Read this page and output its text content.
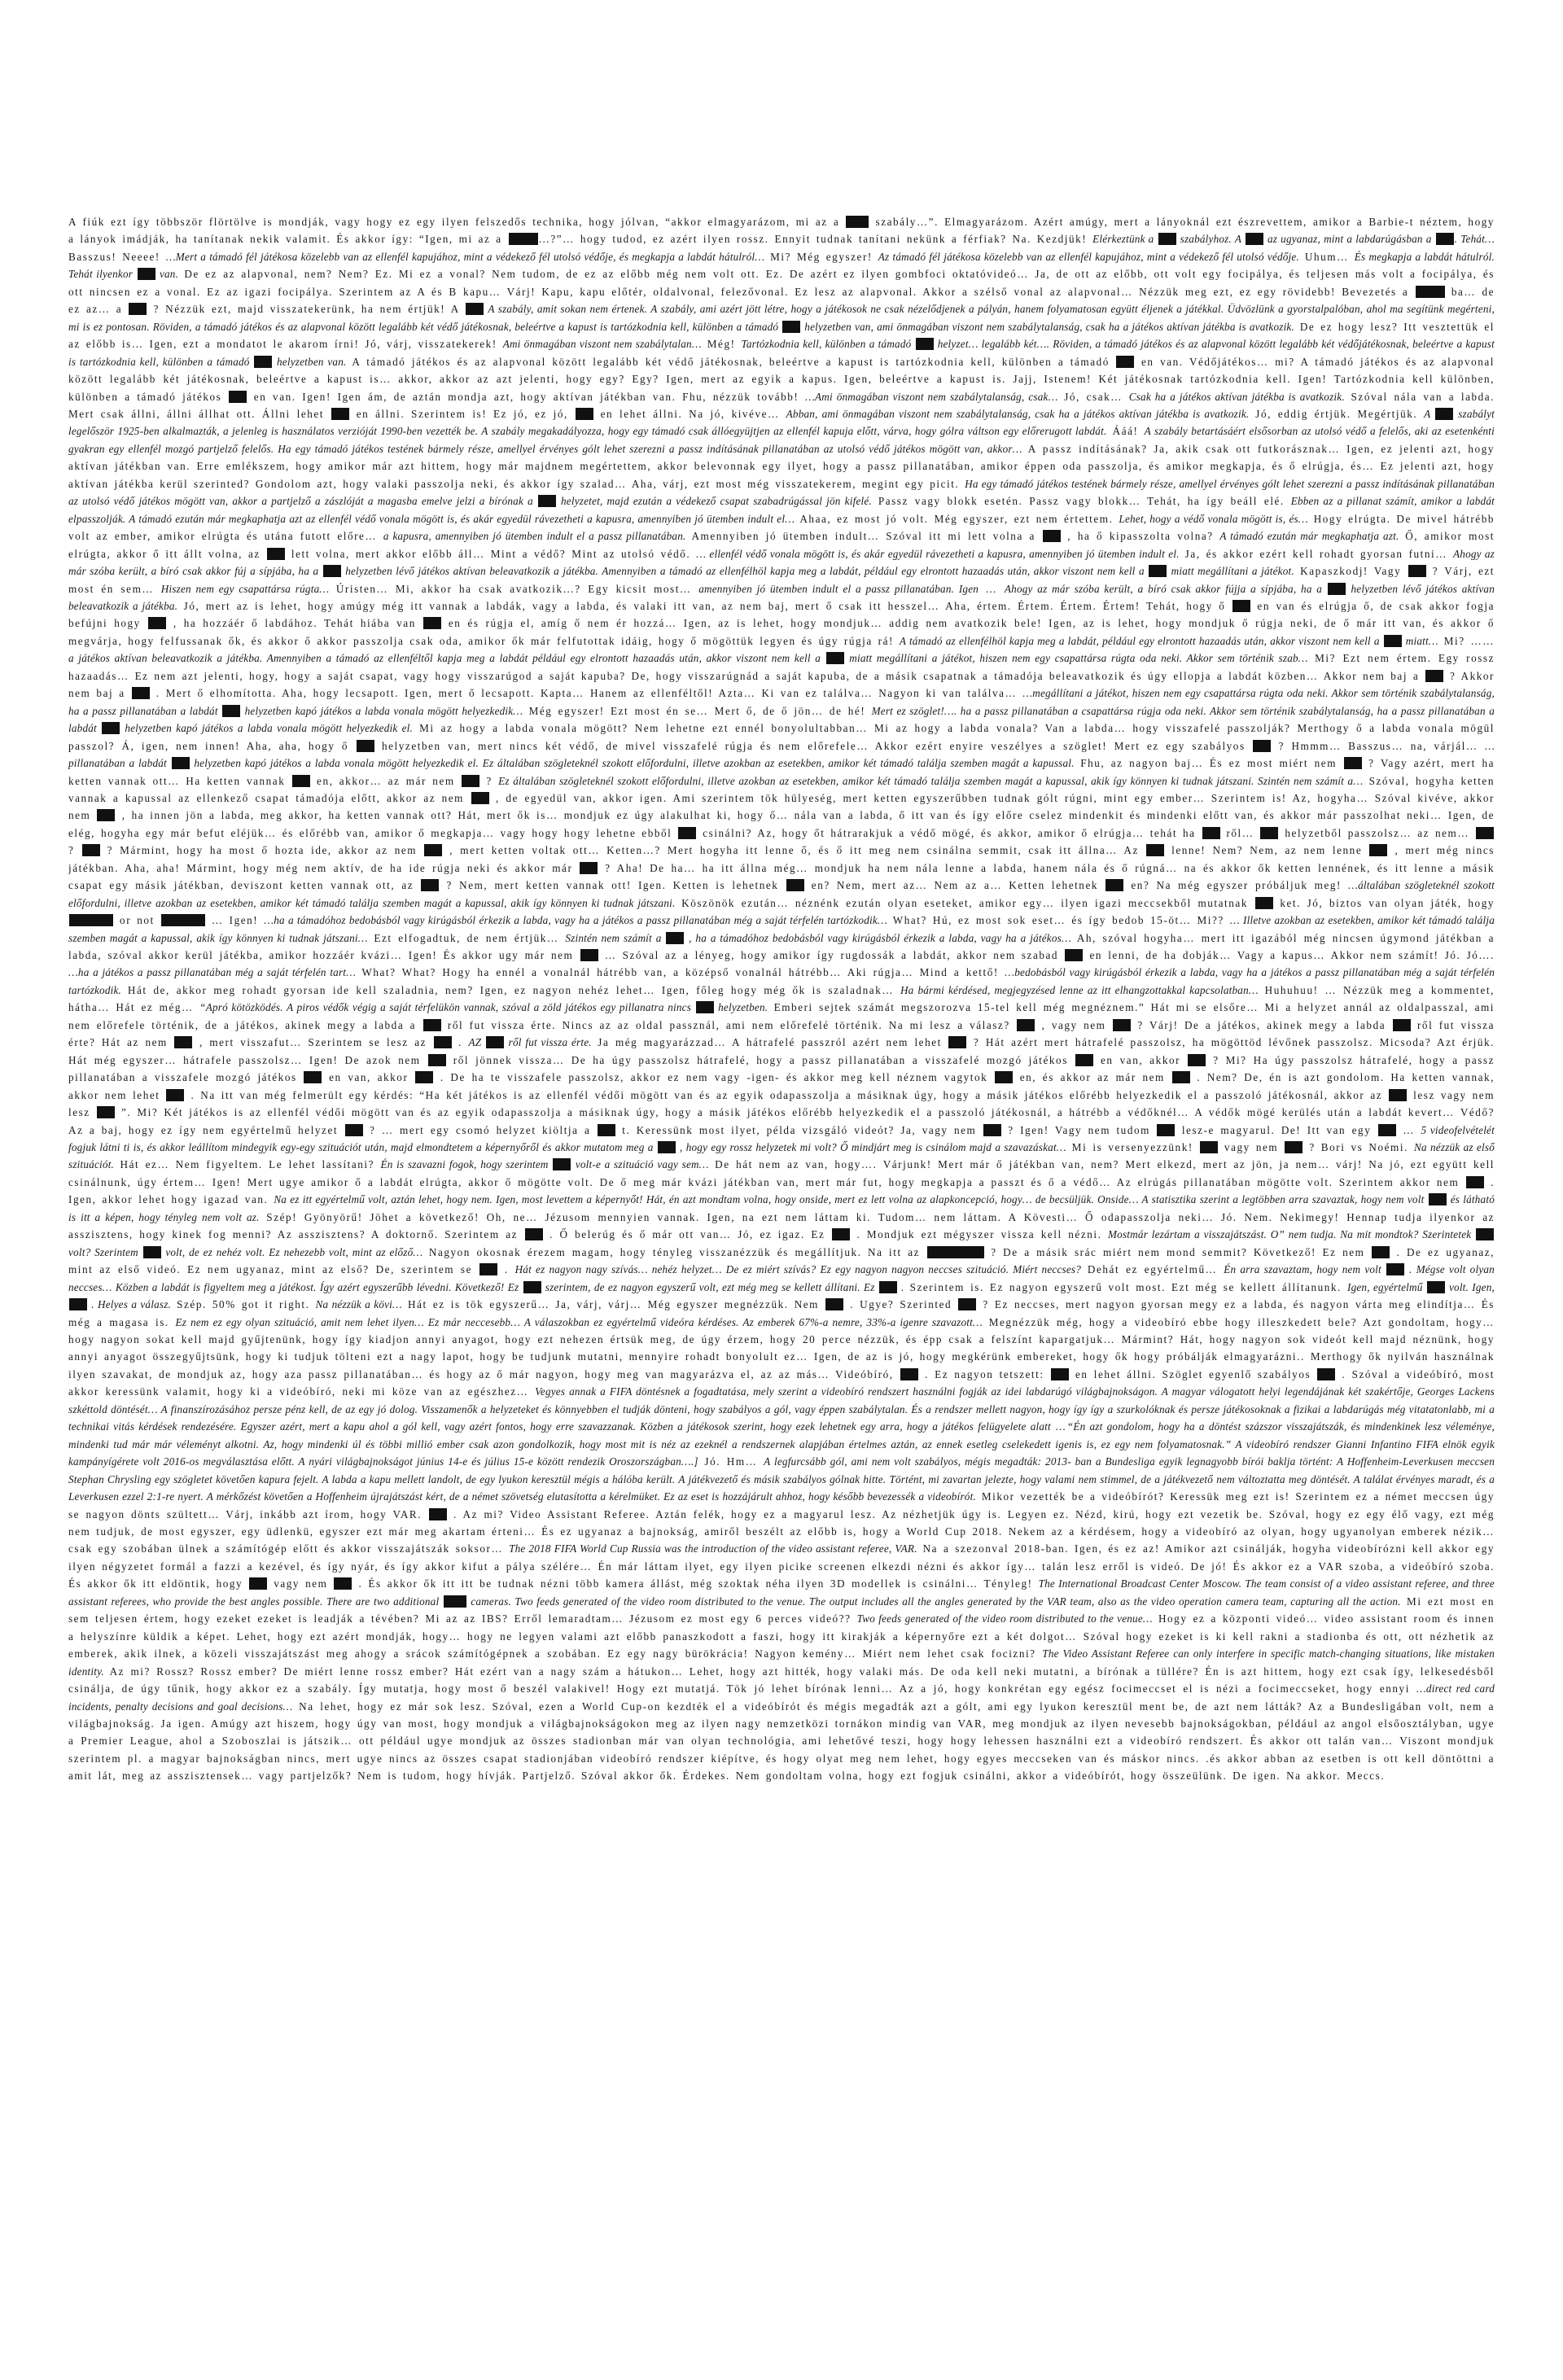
A fiúk ezt így többször flörtölve is mondják, vagy hogy ez egy ilyen felszedős technika, hogy jólvan, “akkor elmagyarázom, mi az a  szabály…”. Elmagyarázom. Azért amúgy, mert a lányoknál ezt észrevettem, amikor a Barbie-t néztem, hogy a lányok imádják, ha tanítanak nekik valamit. És akkor így: “Igen, mi az a	…?”… hogy tudod, ez azért ilyen rossz. Ennyit tudnak tanítani nekünk a férfiak? Na. Kezdjük! Elérkeztünk a  szabályhoz. A  az ugyanaz, mint a labdarúgásban a . Tehát… Basszus! Neeee! …Mert a támadó fél játékosa közelebb van az ellenfél kapujához, mint a védekező fél utolsó védője, és megkapja a labdát hátulról… Mi? Még egyszer! Az támadó fél játékosa közelebb van az ellenfél kapujához, mint a védekező fél utolsó védője. Uhum… És megkapja a labdát hátulról. Tehát ilyenkor  van. De ez az alapvonal, nem? Nem? Ez. Mi ez a vonal? Nem tudom, de ez az előbb még nem volt ott. Ez. De azért ez ilyen gombfoci oktatóvideó… Ja, de ott az előbb, ott volt egy focipálya, és teljesen más volt a focipálya, és ott nincsen ez a vonal. Ez az igazi focipálya. Szerintem az A és B kapu… Várj! Kapu, kapu előtér, oldalvonal, felezővonal. Ez lesz az alapvonal. Akkor a szélső vonal az alapvonal… Nézzük meg ezt, ez egy rövidebb! Bevezetés a	ba… de ez az… a  ? Nézzük ezt, majd visszatekerünk, ha nem értjük! A  A szabály, amit sokan nem értenek. A szabály, ami azért jött létre, hogy a játékosok ne csak nézelődjenek a pályán, hanem folyamatosan együtt éljenek a játékkal. Üdvözlünk a gyorstalpalóban, ahol ma segítünk megérteni, mi is ez pontosan. Röviden, a támadó játékos és az alapvonal között legalább két védő játékosnak, beleértve a kapust is tartózkodnia kell, különben a támadó  helyzetben van, ami önmagában viszont nem szabálytalanság, csak ha a játékos aktívan játékba is avatkozik. De ez hogy lesz? Itt vesztettük el az előbb is… Igen, ezt a mondatot le akarom írni! Jó, várj, visszatekerek! Ami önmagában viszont nem szabálytalan… Még! Tartózkodnia kell, különben a támadó  helyzet… legalább két…. Röviden, a támadó játékos és az alapvonal között legalább két védőjátékosnak, beleértve a kapust is tartózkodnia kell, különben a támadó  helyzetben van. A támadó játékos és az alapvonal között legalább két védő játékosnak, beleértve a kapust is tartózkodnia kell, különben a támadó  en van. Védőjátékos… mi? A támadó játékos és az alapvonal között legalább két játékosnak, beleértve a kapust is… akkor, akkor az azt jelenti, hogy egy? Egy? Igen, mert az egyik a kapus. Igen, beleértve a kapust is. Jajj, Istenem! Két játékosnak tartózkodnia kell. Igen! Tartózkodnia kell különben, különben a támadó játékos  en van. Igen! Igen ám, de aztán mondja azt, hogy aktívan játékban van. Fhu, nézzük tovább! …Ami önmagában viszont nem szabálytalanság, csak… Jó, csak… Csak ha a játékos aktívan játékba is avatkozik. Szóval nála van a labda. Mert csak állni, állni állhat ott. Állni lehet  en állni. Szerintem is! Ez jó, ez jó,  en lehet állni. Na jó, kivéve… Abban, ami önmagában viszont nem szabálytalanság, csak ha a játékos aktívan játékba is avatkozik. Jó, eddig értjük. Megértjük. A  szabályt legelőször 1925-ben alkalmazták, a jelenleg is használatos verzióját 1990-ben vezették be. A szabály megakadályozza, hogy egy támadó csak állóegyüjtjen az ellenfél kapuja előtt, várva, hogy gólra váltson egy előrerugott labdát. Ááá! A szabály betartásáért elsősorban az utolsó védő a felelős, aki az esetenkénti gyakran egy ellenfél mozgó partjelző felelős. Ha egy támadó játékos testének bármely része, amellyel érvényes gólt lehet szerezni a passz indításának pillanatában az utolsó védő játékos mögött van, akkor… A passz indításának? Ja, akik csak ott futkorásznak… Igen, ez jelenti azt, hogy aktívan játékban van. Erre emlékszem, hogy amikor már azt hittem, hogy már majdnem megértettem, akkor belevonnak egy ilyet, hogy a passz pillanatában, amikor éppen oda passzolja, és amikor megkapja, és ő elrúgja, és… Ez jelenti azt, hogy aktívan játékba kerül szerinted? Gondolom azt, hogy valaki passzolja neki, és akkor így szalad… Aha, várj, ezt most még visszatekerem, megint egy picit. Ha egy támadó játékos testének bármely része, amellyel érvényes gólt lehet szerezni a passz indításának pillanatában az utolsó védő játékos mögött van, akkor a partjelző a zászlóját a magasba emelve jelzi a bírónak a  helyzetet, majd ezután a védekező csapat szabadrúgással jön kifelé. Passz vagy blokk esetén. Passz vagy blokk… Tehát, ha így beáll elé. Ebben az a pillanat számít, amikor a labdát elpasszolják. A támadó ezután már megkaphatja azt az ellenfél védő vonala mögött is, és akár egyedül rávezetheti a kapusra, amennyiben jó ütemben indult el… Ahaa, ez most jó volt. Még egyszer, ezt nem értettem. Lehet, hogy a védő vonala mögött is, és… Hogy elrúgta. De mivel hátrébb volt az ember, amikor elrúgta és utána futott előre… a kapusra, amennyiben jó ütemben indult el a passz pillanatában. Amennyiben jó ütemben indult… Szóval itt mi lett volna a  , ha ő kipasszolta volna? A támadó ezután már megkaphatja azt. Ő, amikor most elrúgta, akkor ő itt állt volna, az  lett volna, mert akkor előbb áll… Mint a védő? Mint az utolsó védő. … ellenfél védő vonala mögött is, és akár egyedül rávezetheti a kapusra, amennyiben jó ütemben indult el. Ja, és akkor ezért kell rohadt gyorsan futni… Ahogy az már szóba került, a bíró csak akkor fúj a sípjába, ha a  helyzetben lévő játékos aktívan beleavatkozik a játékba. Amennyiben a támadó az ellenfélhöl kapja meg a labdát, például egy elrontott hazaadás után, akkor viszont nem kell a  miatt megállítani a játékot. Kapaszkodj! Vagy  ? Várj, ezt most én sem… Hiszen nem egy csapattársa rúgta… Úristen… Mi, akkor ha csak avatkozik…? Egy kicsit most… amennyiben jó ütemben indult el a passz pillanatában. Igen … Ahogy az már szóba került, a bíró csak akkor fújja a sípjába, ha a  helyzetben lévő játékos aktívan beleavatkozik a játékba. Jó, mert az is lehet, hogy amúgy még itt vannak a labdák, vagy a labda, és valaki itt van, az nem baj, mert ő csak itt hesszel… Aha, értem. Értem. Értem. Értem! Tehát, hogy ő  en van és elrúgja ő, de csak akkor fogja befújni hogy  , ha hozzáér ő labdához. Tehát hiába van  en és rúgja el, amíg ő nem ér hozzá… Igen, az is lehet, hogy mondjuk… addig nem avatkozik bele! Igen, az is lehet, hogy mondjuk ő rúgja neki, de ő már itt van, és akkor ő megvárja, hogy felfussanak ők, és akkor ő akkor passzolja csak oda, amikor ők már felfutottak idáig, hogy ő mögöttük legyen és úgy rúgja rá! A támadó az ellenfélhöl kapja meg a labdát, például egy elrontott hazaadás után, akkor viszont nem kell a  miatt… Mi? …… a játékos aktívan beleavatkozik a játékba. Amennyiben a támadó az ellenféltől kapja meg a labdát például egy elrontott hazaadás után, akkor viszont nem kell a  miatt megállítani a játékot, hiszen nem egy csapattársa rúgta oda neki. Akkor sem történik szab… Mi? Ezt nem értem. Egy rossz hazaadás… Ez nem azt jelenti, hogy, hogy a saját csapat, vagy hogy visszarúgod a saját kapuba? De, hogy visszarúgnád a saját kapuba, de a másik csapatnak a támadója beleavatkozik és úgy ellopja a labdát közben… Akkor nem baj a  ? Akkor nem baj a  . Mert ő elhomította. Aha, hogy lecsapott. Igen, mert ő lecsapott. Kapta… Hanem az ellenféltől! Azta… Ki van ez találva… Nagyon ki van találva… …megállítani a játékot, hiszen nem egy csapattársa rúgta oda neki. Akkor sem történik szabálytalanság, ha a passz pillanatában a labdát  helyzetben kapó játékos a labda vonala mögött helyezkedik… Még egyszer! Ezt most én se… Mert ő, de ő jön… de hé! Mert ez szöglet!…. ha a passz pillanatában a csapattársa rúgja oda neki. Akkor sem történik szabálytalanság, ha a passz pillanatában a labdát  helyzetben kapó játékos a labda vonala mögött helyezkedik el. Mi az hogy a labda vonala mögött? Nem lehetne ezt ennél bonyolultabban… Mi az hogy a labda vonala? Van a labda… hogy visszafelé passzolják? Merthogy ő a labda vonala mögül passzol? Á, igen, nem innen! Aha, aha, hogy ő  helyzetben van, mert nincs két védő, de mivel visszafelé rúgja és nem előrefele… Akkor ezért enyire veszélyes a szöglet! Mert ez egy szabályos  ? Hmmm… Basszus… na, várjál… … pillanatában a labdát  helyzetben kapó játékos a labda vonala mögött helyezkedik el. Ez általában szögleteknél szokott előfordulni, illetve azokban az esetekben, amikor két támadó találja szemben magát a kapussal. Fhu, az nagyon baj… És ez most miért nem  ? Vagy azért, mert ha ketten vannak ott… Ha ketten vannak  en, akkor… az már nem  ? Ez általában szögleteknél szokott előfordulni, illetve azokban az esetekben, amikor két támadó találja szemben magát a kapussal, akik így könnyen ki tudnak játszani. Szintén nem számít a… Szóval, hogyha ketten vannak a kapussal az ellenkező csapat támadója előtt, akkor az nem  , de egyedül van, akkor igen. Ami szerintem tök hülyeség, mert ketten egyszerűbben tudnak gólt rúgni, mint egy ember… Szerintem is! Az, hogyha… Szóval kivéve, akkor nem  , ha innen jön a labda, meg akkor, ha ketten vannak ott? Hát, mert ők is… mondjuk ez úgy alakulhat ki, hogy ő… nála van a labda, ő itt van és így előre cselez mindenkit és mindenki előtt van, és akkor már passzolhat neki… Igen, de elég, hogyha egy már befut eléjük… és előrébb van, amikor ő megkapja… vagy hogy hogy lehetne ebből  csinálni? Az, hogy őt hátrarakjuk a védő mögé, és akkor, amikor ő elrúgja… tehát ha  ről…  helyzetből passzolsz… az nem…  ?  ? Mármint, hogy ha most ő hozta ide, akkor az nem  , mert ketten voltak ott… Ketten…? Mert hogyha itt lenne ő, és ő itt meg nem csinálna semmit, csak itt állna… Az  lenne! Nem? Nem, az nem lenne  , mert még nincs játékban. Aha, aha! Mármint, hogy még nem aktív, de ha ide rúgja neki és akkor már  ? Aha! De ha… ha itt állna még… mondjuk ha nem nála lenne a labda, hanem nála és ő rúgná… na és akkor ők ketten lennének, és itt lenne a másik csapat egy másik játékban, deviszont ketten vannak ott, az  ? Nem, mert ketten vannak ott! Igen. Ketten is lehetnek  en? Nem, mert az… Nem az a… Ketten lehetnek  en? Na még egyszer próbáljuk meg! …általában szögleteknél szokott előfordulni, illetve azokban az esetekben, amikor két támadó találja szemben magát a kapussal, akik így könnyen ki tudnak játszani. Köszönök ezután… néznénk ezután olyan eseteket, amikor egy… ilyen igazi meccsekből mutatnak  ket. Jó, biztos van olyan játék, hogy  or not	… Igen! …ha a támadóhoz bedobásból vagy kirúgásból érkezik a labda, vagy ha a játékos a passz pillanatában még a saját térfelén tartózkodik… What? Hú, ez most sok eset… és így bedob 15-öt… Mi?? … Illetve azokban az esetekben, amikor két támadó találja szemben magát a kapussal, akik így könnyen ki tudnak játszani… Ezt elfogadtuk, de nem értjük… Szintén nem számít a  , ha a támadóhoz bedobásból vagy kirúgásból érkezik a labda, vagy ha a játékos… Ah, szóval hogyha… mert itt igazából még nincsen úgymond játékban a labda, szóval akkor kerül játékba, amikor hozzáér kvázi… Igen! És akkor ugy már nem  … Szóval az a lényeg, hogy amikor így rugdossák a labdát, akkor nem szabad  en lenni, de ha dobják… Vagy a kapus… Akkor nem számít! Jó. Jó…. …ha a játékos a passz pillanatában még a saját térfelén tart… What? What? Hogy ha ennél a vonalnál hátrébb van, a középső vonalnál hátrébb… Aki rúgja… Mind a kettő! …bedobásból vagy kirúgásból érkezik a labda, vagy ha a játékos a passz pillanatában még a saját térfelén tartózkodik. Hát de, akkor meg rohadt gyorsan ide kell szaladnia, nem? Igen, ez nagyon nehéz lehet… Igen, főleg hogy még ők is szaladnak… Ha bármi kérdésed, megjegyzésed lenne az itt elhangzottakkal kapcsolatban… Huhuhuu! … Nézzük meg a kommentet, hátha… Hát ez még… “Apró kötözködés. A piros védők végig a saját térfelükön vannak, szóval a zöld játékos egy pillanatra nincs  helyzetben. Emberi sejtek számát megszorozva 15-tel kell még megnéznem.” Hát mi se elsőre… Mi a helyzet annál az oldalpasszal, ami nem előrefele történik, de a játékos, akinek megy a labda a  ről fut vissza érte. Nincs az az oldal passznál, ami nem előrefelé történik. Na mi lesz a válasz?  , vagy nem  ? Várj! De a játékos, akinek megy a labda  ről fut vissza érte? Hát az nem  , mert visszafut… Szerintem se lesz az  . AZ  ről fut vissza érte. Ja még magyarázzad… A hátrafelé passzról azért nem lehet  ? Hát azért mert hátrafelé passzolsz, ha mögöttöd lévőnek passzolsz. Micsoda? Azt érjük. Hát még egyszer… hátrafele passzolsz… Igen! De azok nem  ről jönnek vissza… De ha úgy passzolsz hátrafelé, hogy a passz pillanatában a visszafelé mozgó játékos  en van, akkor  ? Mi? Ha úgy passzolsz hátrafelé, hogy a passz pillanatában a visszafele mozgó játékos  en van, akkor  . De ha te visszafele passzolsz, akkor ez nem vagy -igen- és akkor meg kell néznem vagytok  en, és akkor az már nem  . Nem? De, én is azt gondolom. Ha ketten vannak, akkor nem lehet  . Na itt van még felmerült egy kérdés: “Ha két játékos is az ellenfél védői mögött van és az egyik odapasszolja a másiknak úgy, hogy a másik játékos előrébb helyezkedik el a passzoló játékosnál, akkor az  lesz vagy nem lesz  ”. Mi? Két játékos is az ellenfél védői mögött van és az egyik odapasszolja a másiknak úgy, hogy a másik játékos előrébb helyezkedik el a passzoló játékosnál, a hátrébb a védőknél… A védők mögé kerülés után a labdát kevert… Védő? Az a baj, hogy ez így nem egyértelmű helyzet  ? … mert egy csomó helyzet kiöltja a  t. Keressünk most ilyet, példa vizsgáló videót? Ja, vagy nem  ? Igen! Vagy nem tudom  lesz-e magyarul. De! Itt van egy  … 5 videofelvételét fogjuk látni ti is, és akkor leállítom mindegyik egy-egy szituációt után, majd elmondtetem a képernyőről és akkor mutatom meg a  , hogy egy rossz helyzetek mi volt? Ő mindjárt meg is csinálom majd a szavazáskat… Mi is versenyezzünk!  vagy nem  ? Bori vs Noémi. Na nézzük az első szituációt. Hát ez… Nem figyeltem. Le lehet lassítani? Én is szavazni fogok, hogy szerintem  volt-e a szituáció vagy sem… De hát nem az van, hogy…. Várjunk! Mert már ő játékban van, nem? Mert elkezd, mert az jön, ja nem… várj! Na jó, ezt együtt kell csinálnunk, úgy értem… Igen! Mert ugye amikor ő a labdát elrúgta, akkor ő mögötte volt. De ő meg már kvázi játékban van, mert már fut, hogy megkapja a passzt és ő a védő… Az elrúgás pillanatában mögötte volt. Szerintem akkor nem  . Igen, akkor lehet hogy igazad van. Na ez itt egyértelmű volt, aztán lehet, hogy nem. Igen, most levettem a képernyőt! Hát, én azt mondtam volna, hogy onside, mert ez lett volna az alapkoncepció, hogy… de becsüljük. Onside… A statisztika szerint a legtöbben arra szavaztak, hogy nem volt  és látható is itt a képen, hogy tényleg nem volt az. Szép! Gyönyörű! Jöhet a következő! Oh, ne… Jézusom mennyien vannak. Igen, na ezt nem láttam ki. Tudom… nem láttam. A Kövesti… Ő odapasszolja neki… Jó. Nem. Nekimegy! Hennap tudja ilyenkor az asszisztens, hogy kinek fog menni? Az asszisztens? A doktornő. Szerintem az  . Ő belerúg és ő már ott van… Jó, ez igaz. Ez  . Mondjuk ezt mégyszer vissza kell nézni. Mostmár lezártam a visszajátszást. O” nem tudja. Na mit mondtok? Szerintetek  volt? Szerintem  volt, de ez nehéz volt. Ez nehezebb volt, mint az előző… Nagyon okosnak érezem magam, hogy tényleg visszanézzük és megállítjuk. Na itt az	? De a másik srác miért nem mond semmit? Következő! Ez nem  . De ez ugyanaz, mint az első videó. Ez nem ugyanaz, mint az első? De, szerintem se  . Hát ez nagyon nagy szívás… nehéz helyzet… De ez miért szívás? Ez egy nagyon nagyon neccses szituáció. Miért neccses? Dehát ez egyértelmű… Én arra szavaztam, hogy nem volt  . Mégse volt olyan neccses… Közben a labdát is figyeltem meg a játékost. Így azért egyszerűbb lévedni. Következő! Ez  szerintem, de ez nagyon egyszerű volt, ezt még meg se kellett állítani. Ez  . Szerintem is. Ez nagyon egyszerű volt most. Ezt még se kellett állítanunk. Igen, egyértelmű  volt. Igen,  . Helyes a válasz. Szép. 50% got it right. Na nézzük a kövi… Hát ez is tök egyszerű… Ja, várj, várj… Még egyszer megnézzük. Nem  . Ugye? Szerinted  ? Ez neccses, mert nagyon gyorsan megy ez a labda, és nagyon várta meg elindítja… És még a magasa is. Ez nem ez egy olyan szituáció, amit nem lehet ilyen… Ez már neccesebb… A válaszokban ez egyértelmű videóra kérdéses. Az emberek 67%-a nemre, 33%-a igenre szavazott… Megnézzük még, hogy a videobíró ebbe hogy illeszkedett bele? Azt gondoltam, hogy… hogy nagyon sokat kell majd gyűjtenünk, hogy így kiadjon annyi anyagot, hogy ezt nehezen értsük meg, de úgy érzem, hogy 20 perce nézzük, és épp csak a felszínt kapargatjuk… Mármint? Hát, hogy nagyon sok videót kell majd néznünk, hogy annyi anyagot összegyűjtsünk, hogy ki tudjuk tölteni ezt a nagy lapot, hogy be tudjunk mutatni, mennyire rohadt bonyolult ez… Igen, de az is jó, hogy megkérünk embereket, hogy ők hogy próbálják elmagyarázni.. Merthogy ők nyilván használnak ilyen szavakat, de mondjuk az, hogy aza passz pillanatában… és hogy az ő már nagyon, hogy meg van magyarázva el, az az más… Videóbíró,  . Ez nagyon tetszett:  en lehet állni. Szöglet egyenlő szabályos  . Szóval a videóbíró, most akkor keressünk valamit, hogy ki a videóbíró, neki mi köze van az egészhez… Vegyes annak a FIFA döntésnek a fogadtatása, mely szerint a videobíró rendszert használni fogják az idei labdarúgó világbajnokságon. A magyar válogatott helyi legendájának két szakértője, Georges Lackens szkéttold döntését… A finanszírozásához persze pénz kell, de az egy jó dolog. Visszamenők a helyzeteket és könnyebben el tudják dönteni, hogy szabályos a gól, vagy éppen szabálytalan. És a rendszer mellett nagyon, hogy így így a szurkolóknak és persze játékosoknak a fizikai a labdarúgás még vitatatonlabb, mi a technikai vitás kérdések rendezésére. Egyszer azért, mert a kapu ahol a gól kell, vagy azért fontos, hogy erre szavazzanak. Közben a játékosok szerint, hogy ezek lehetnek egy arra, hogy a játékos felügyelete alatt …“Én azt gondolom, hogy ha a döntést százszor visszajátszák, és mindenkinek lesz véleménye, mindenki tud már már véleményt alkotni. Az, hogy mindenki úl és többi millió ember csak azon gondolkozik, hogy most mit is néz az ezeknél a rendszernek alapjában értelmes aztán, az ennek esetleg cselekedett igenis is, ez egy nem folyamatosnak.” A videobíró rendszer Gianni Infantino FIFA elnök egyik kampányígérete volt 2016-os megválasztása előtt. A nyári világbajnokságot június 14-e és július 15-e között rendezik Oroszországban….] Jó. Hm… A legfurcsább gól, ami nem volt szabályos, mégis megadták: 2013- ban a Bundesliga egyik legnagyobb bírói baklja történt: A Hoffenheim-Leverkusen meccsen Stephan Chrysling egy szögletet követően kapura fejelt. A labda a kapu mellett landolt, de egy lyukon keresztül mégis a hálóba került. A játékvezető és másik szabályos gólnak hitte. Történt, mi zavartan jelezte, hogy valami nem stimmel, de a játékvezető nem változtatta meg döntését. A találat érvényes maradt, és a Leverkusen ezzel 2:1-re nyert. A mérkőzést követően a Hoffenheim újrajátszást kért, de a német szövetség elutasította a kérelmüket. Ez az eset is hozzájárult ahhoz, hogy később bevezessék a videobírót. Mikor vezették be a videóbírót? Keressük meg ezt is! Szerintem ez a német meccsen úgy se nagyon dönts szültett… Várj, inkább azt írom, hogy VAR.  . Az mi? Video Assistant Referee. Aztán felék, hogy ez a magyarul lesz. Az nézhetjük úgy is. Legyen ez. Nézd, kirú, hogy ezt vezetik be. Szóval, hogy ez egy élő vagy, ezt még nem tudjuk, de most egyszer, egy üdlenkü, egyszer ezt már meg akartam érteni… És ez ugyanaz a bajnokság, amiről beszélt az előbb is, hogy a World Cup 2018. Nekem az a kérdésem, hogy a videobíró az olyan, hogy ugyanolyan emberek nézik… csak egy szobában ülnek a számítógép előtt és akkor visszajátszák soksor… The 2018 FIFA World Cup Russia was the introduction of the video assistant referee, VAR. Na a szezonval 2018-ban. Igen, és ez az! Amikor azt csinálják, hogyha videobírózni kell akkor egy ilyen négyzetet formál a fazzi a kezével, és így nyár, és így akkor kifut a pálya szélére… Én már láttam ilyet, egy ilyen picike screenen elkezdi nézni és akkor így… talán lesz erről is videó. De jó! És akkor ez a VAR szoba, a videóbíró szoba. És akkor ők itt eldöntik, hogy  vagy nem  . És akkor ők itt itt be tudnak nézni több kamera állást, még szoktak néha ilyen 3D modellek is csinálni… Tényleg! The International Broadcast Center Moscow. The team consist of a video assistant referee, and three assistant referees, who provide the best angles possible. There are two additional  cameras. Two feeds generated of the video room distributed to the venue. The output includes all the angles generated by the VAR team, also as the video operation camera team, capturing all the action. Mi ezt most en sem teljesen értem, hogy ezeket ezeket is leadják a tévében? Mi az az IBS? Erről lemaradtam… Jézusom ez most egy 6 perces videó?? Two feeds generated of the video room distributed to the venue… Hogy ez a központi videó… video assistant room és innen a helyszínre küldik a képet. Lehet, hogy ezt azért mondják, hogy… hogy ne legyen valami azt előbb panaszkodott a faszi, hogy itt kirakják a képernyőre ezt a két dolgot… Szóval hogy ezeket is ki kell rakni a stadionba és ott, ott nézhetik az emberek, akik ilnek, a közeli visszajátszást meg ahogy a srácok számítógépnek a szobában. Ez egy nagy bürökrácia! Nagyon kemény… Miért nem lehet csak focizni? The Video Assistant Referee can only interfere in specific match-changing situations, like mistaken identity. Az mi? Rossz? Rossz ember? De miért lenne rossz ember? Hát ezért van a nagy szám a hátukon… Lehet, hogy azt hitték, hogy valaki más. De oda kell neki mutatni, a bírónak a tüllére? Én is azt hittem, hogy ezt csak így, lelkesedésből csinálja, de úgy tűnik, hogy akkor ez a szabály. Így mutatja, hogy most ő beszél valakivel! Hogy ezt mutatjá. Tök jó lehet bírónak lenni… Az a jó, hogy konkrétan egy egész focimeccset el is nézi a focimeccseket, hogy ennyi …direct red card incidents, penalty decisions and goal decisions… Na lehet, hogy ez már sok lesz. Szóval, ezen a World Cup-on kezdték el a videóbírót és mégis megadták azt a gólt, ami egy lyukon keresztül ment be, de azt nem látták? Az a Bundesligában volt, nem a világbajnokság. Ja igen. Amúgy azt hiszem, hogy úgy van most, hogy mondjuk a világbajnokságokon meg az ilyen nagy nemzetközi tornákon mindig van VAR, meg mondjuk az ilyen nevesebb bajnokságokban, például az angol elsőosztályban, ugye a Premier League, ahol a Szoboszlai is játszik… ott például ugye mondjuk az összes stadionban már van olyan technológia, ami lehetővé teszi, hogy hogy lehessen használni ezt a videobíró rendszert. És akkor ott talán van… Viszont mondjuk szerintem pl. a magyar bajnokságban nincs, mert ugye nincs az összes csapat stadionjában videobíró rendszer kiépítve, és hogy olyat meg nem lehet, hogy egyes meccseken van és máskor nincs. .és akkor abban az esetben is ott kell döntöttni a amit lát, meg az asszisztensek… vagy partjelzők? Nem is tudom, hogy hívják. Partjelző. Szóval akkor ők. Érdekes. Nem gondoltam volna, hogy ezt fogjuk csinálni, akkor a videóbírót, hogy összeülünk. De igen. Na akkor. Meccs.
